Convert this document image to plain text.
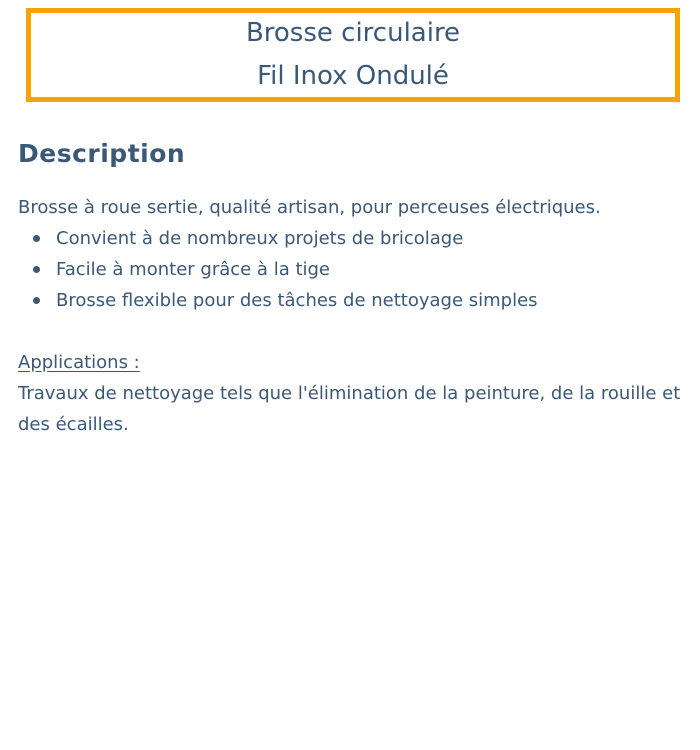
Brosse circulaire
Fil Inox Ondulé
Description

Brosse à roue sertie, qualité artisan, pour perceuses électriques.

Convient à de nombreux projets de bricolage
Facile à monter grâce à la tige
Brosse flexible pour des tâches de nettoyage simples

Applications :

Travaux de nettoyage tels que l'élimination de la peinture, de la rouille et des écailles.
